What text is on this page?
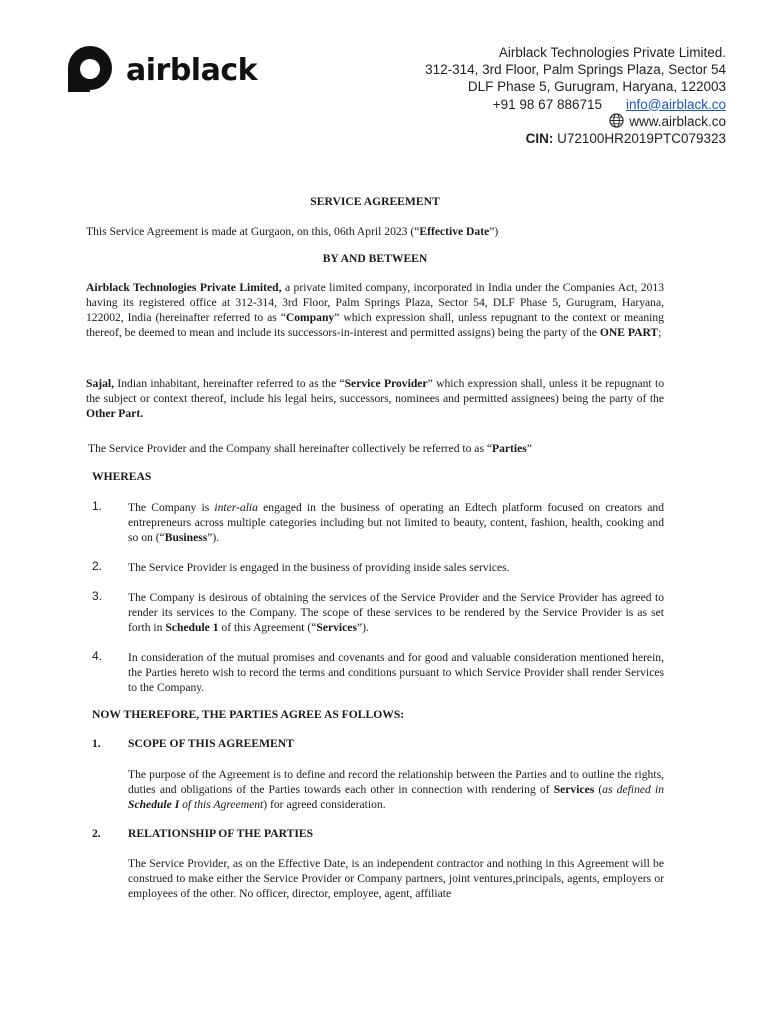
airblack	Airblack Technologies Private Limited.
312-314, 3rd Floor, Palm Springs Plaza, Sector 54
DLF Phase 5, Gurugram, Haryana, 122003
+91 98 67 886715 info@airblack.co
www.airblack.co
CIN: U72100HR2019PTC079323
SERVICE AGREEMENT
This Service Agreement is made at Gurgaon, on this, 06th April 2023 (“Effective Date”)
BY AND BETWEEN
Airblack Technologies Private Limited, a private limited company, incorporated in India under the Companies Act, 2013 having its registered office at 312-314, 3rd Floor, Palm Springs Plaza, Sector 54, DLF Phase 5, Gurugram, Haryana, 122002, India (hereinafter referred to as “Company” which expression shall, unless repugnant to the context or meaning thereof, be deemed to mean and include its successors-in-interest and permitted assigns) being the party of the ONE PART;
Sajal, Indian inhabitant, hereinafter referred to as the “Service Provider” which expression shall, unless it be repugnant to the subject or context thereof, include his legal heirs, successors, nominees and permitted assignees) being the party of the Other Part.
The Service Provider and the Company shall hereinafter collectively be referred to as “Parties”
WHEREAS
1. The Company is inter-alia engaged in the business of operating an Edtech platform focused on creators and entrepreneurs across multiple categories including but not limited to beauty, content, fashion, health, cooking and so on (“Business”).
2. The Service Provider is engaged in the business of providing inside sales services.
3. The Company is desirous of obtaining the services of the Service Provider and the Service Provider has agreed to render its services to the Company. The scope of these services to be rendered by the Service Provider is as set forth in Schedule 1 of this Agreement (“Services”).
4. In consideration of the mutual promises and covenants and for good and valuable consideration mentioned herein, the Parties hereto wish to record the terms and conditions pursuant to which Service Provider shall render Services to the Company.
NOW THEREFORE, THE PARTIES AGREE AS FOLLOWS:
1. SCOPE OF THIS AGREEMENT
The purpose of the Agreement is to define and record the relationship between the Parties and to outline the rights, duties and obligations of the Parties towards each other in connection with rendering of Services (as defined in Schedule I of this Agreement) for agreed consideration.
2. RELATIONSHIP OF THE PARTIES
The Service Provider, as on the Effective Date, is an independent contractor and nothing in this Agreement will be construed to make either the Service Provider or Company partners, joint ventures,principals, agents, employers or employees of the other. No officer, director, employee, agent, affiliate
